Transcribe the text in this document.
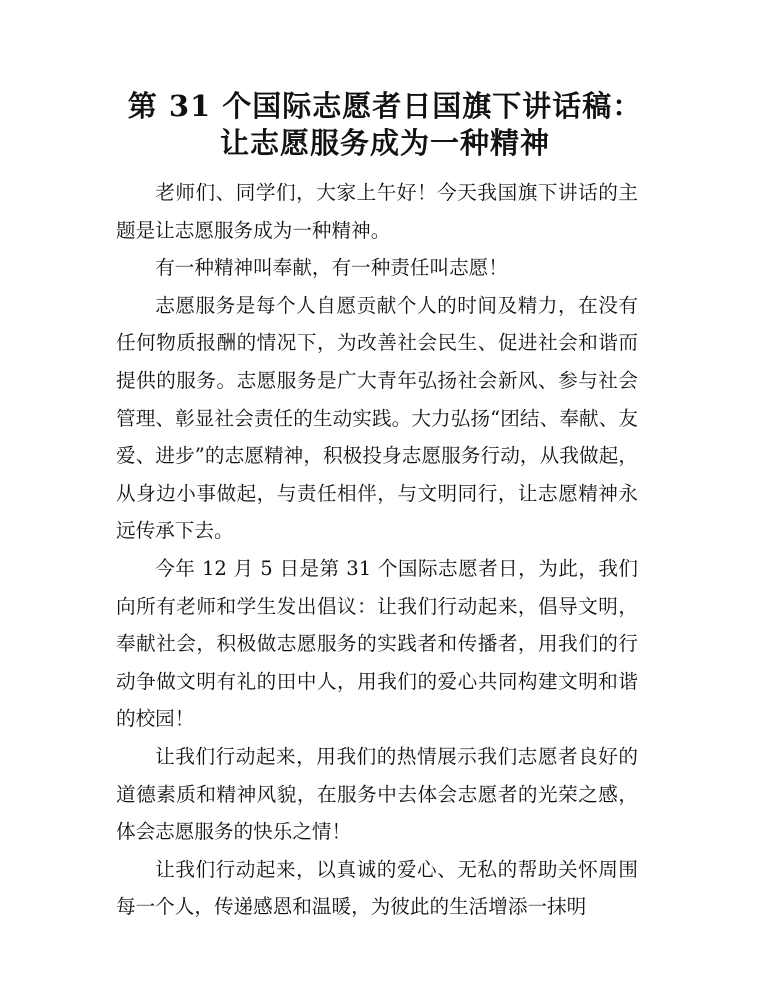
第 31 个国际志愿者日国旗下讲话稿：
让志愿服务成为一种精神

老师们、同学们，大家上午好！今天我国旗下讲话的主题是让志愿服务成为一种精神。

有一种精神叫奉献，有一种责任叫志愿！

志愿服务是每个人自愿贡献个人的时间及精力，在没有任何物质报酬的情况下，为改善社会民生、促进社会和谐而提供的服务。志愿服务是广大青年弘扬社会新风、参与社会管理、彰显社会责任的生动实践。大力弘扬“团结、奉献、友爱、进步”的志愿精神，积极投身志愿服务行动，从我做起，从身边小事做起，与责任相伴，与文明同行，让志愿精神永远传承下去。

今年 12 月 5 日是第 31 个国际志愿者日，为此，我们向所有老师和学生发出倡议：让我们行动起来，倡导文明，奉献社会，积极做志愿服务的实践者和传播者，用我们的行动争做文明有礼的田中人，用我们的爱心共同构建文明和谐的校园！

让我们行动起来，用我们的热情展示我们志愿者良好的道德素质和精神风貌，在服务中去体会志愿者的光荣之感，体会志愿服务的快乐之情！

让我们行动起来，以真诚的爱心、无私的帮助关怀周围每一个人，传递感恩和温暖，为彼此的生活增添一抹明
